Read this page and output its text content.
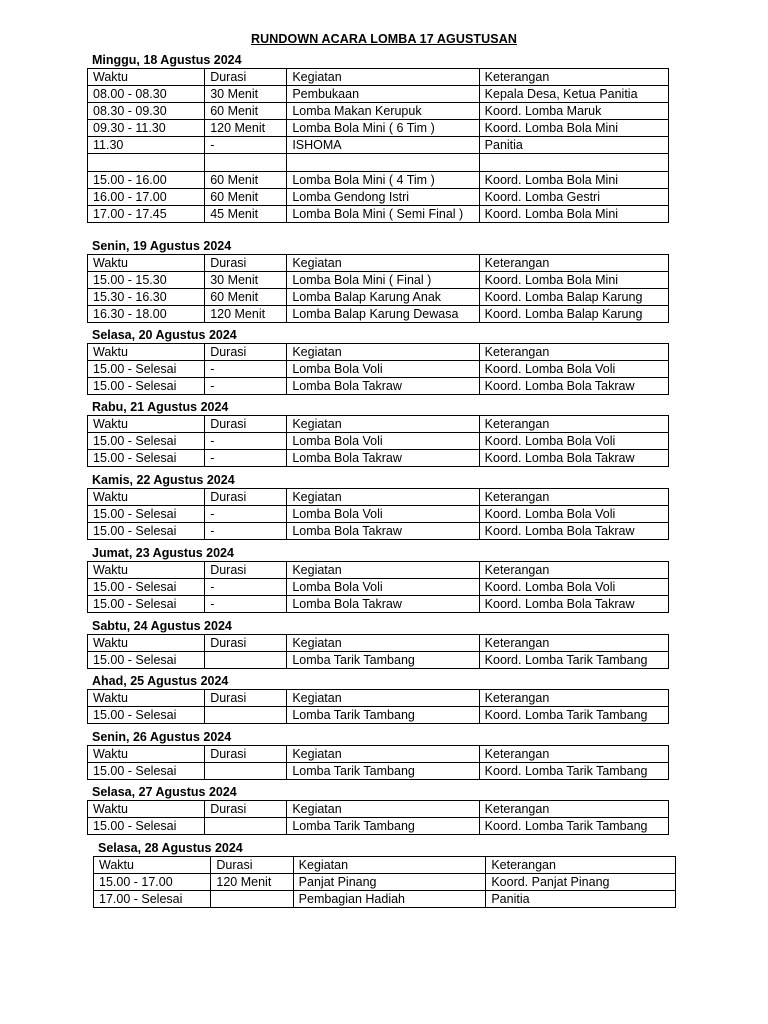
RUNDOWN ACARA LOMBA 17 AGUSTUSAN
Minggu, 18 Agustus 2024
Waktu	Durasi	Kegiatan	Keterangan
08.00 - 08.30	30 Menit	Pembukaan	Kepala Desa, Ketua Panitia
08.30 - 09.30	60 Menit	Lomba Makan Kerupuk	Koord. Lomba Maruk
09.30 - 11.30	120 Menit	Lomba Bola Mini ( 6 Tim )	Koord. Lomba Bola Mini
11.30	-	ISHOMA	Panitia

15.00 - 16.00	60 Menit	Lomba Bola Mini ( 4 Tim )	Koord. Lomba Bola Mini
16.00 - 17.00	60 Menit	Lomba Gendong Istri	Koord. Lomba Gestri
17.00 - 17.45	45 Menit	Lomba Bola Mini ( Semi Final )	Koord. Lomba Bola Mini
Senin, 19 Agustus 2024
Waktu	Durasi	Kegiatan	Keterangan
15.00 - 15.30	30 Menit	Lomba Bola Mini ( Final )	Koord. Lomba Bola Mini
15.30 - 16.30	60 Menit	Lomba Balap Karung Anak	Koord. Lomba Balap Karung
16.30 - 18.00	120 Menit	Lomba Balap Karung Dewasa	Koord. Lomba Balap Karung
Selasa, 20 Agustus 2024
Waktu	Durasi	Kegiatan	Keterangan
15.00 - Selesai	-	Lomba Bola Voli	Koord. Lomba Bola Voli
15.00 - Selesai	-	Lomba Bola Takraw	Koord. Lomba Bola Takraw
Rabu, 21 Agustus 2024
Waktu	Durasi	Kegiatan	Keterangan
15.00 - Selesai	-	Lomba Bola Voli	Koord. Lomba Bola Voli
15.00 - Selesai	-	Lomba Bola Takraw	Koord. Lomba Bola Takraw
Kamis, 22 Agustus 2024
Waktu	Durasi	Kegiatan	Keterangan
15.00 - Selesai	-	Lomba Bola Voli	Koord. Lomba Bola Voli
15.00 - Selesai	-	Lomba Bola Takraw	Koord. Lomba Bola Takraw
Jumat, 23 Agustus 2024
Waktu	Durasi	Kegiatan	Keterangan
15.00 - Selesai	-	Lomba Bola Voli	Koord. Lomba Bola Voli
15.00 - Selesai	-	Lomba Bola Takraw	Koord. Lomba Bola Takraw
Sabtu, 24 Agustus 2024
Waktu	Durasi	Kegiatan	Keterangan
15.00 - Selesai		Lomba Tarik Tambang	Koord. Lomba Tarik Tambang
Ahad, 25 Agustus 2024
Waktu	Durasi	Kegiatan	Keterangan
15.00 - Selesai		Lomba Tarik Tambang	Koord. Lomba Tarik Tambang
Senin, 26 Agustus 2024
Waktu	Durasi	Kegiatan	Keterangan
15.00 - Selesai		Lomba Tarik Tambang	Koord. Lomba Tarik Tambang
Selasa, 27 Agustus 2024
Waktu	Durasi	Kegiatan	Keterangan
15.00 - Selesai		Lomba Tarik Tambang	Koord. Lomba Tarik Tambang
Selasa, 28 Agustus 2024
Waktu	Durasi	Kegiatan	Keterangan
15.00 - 17.00	120 Menit	Panjat Pinang	Koord. Panjat Pinang
17.00 - Selesai		Pembagian Hadiah	Panitia
